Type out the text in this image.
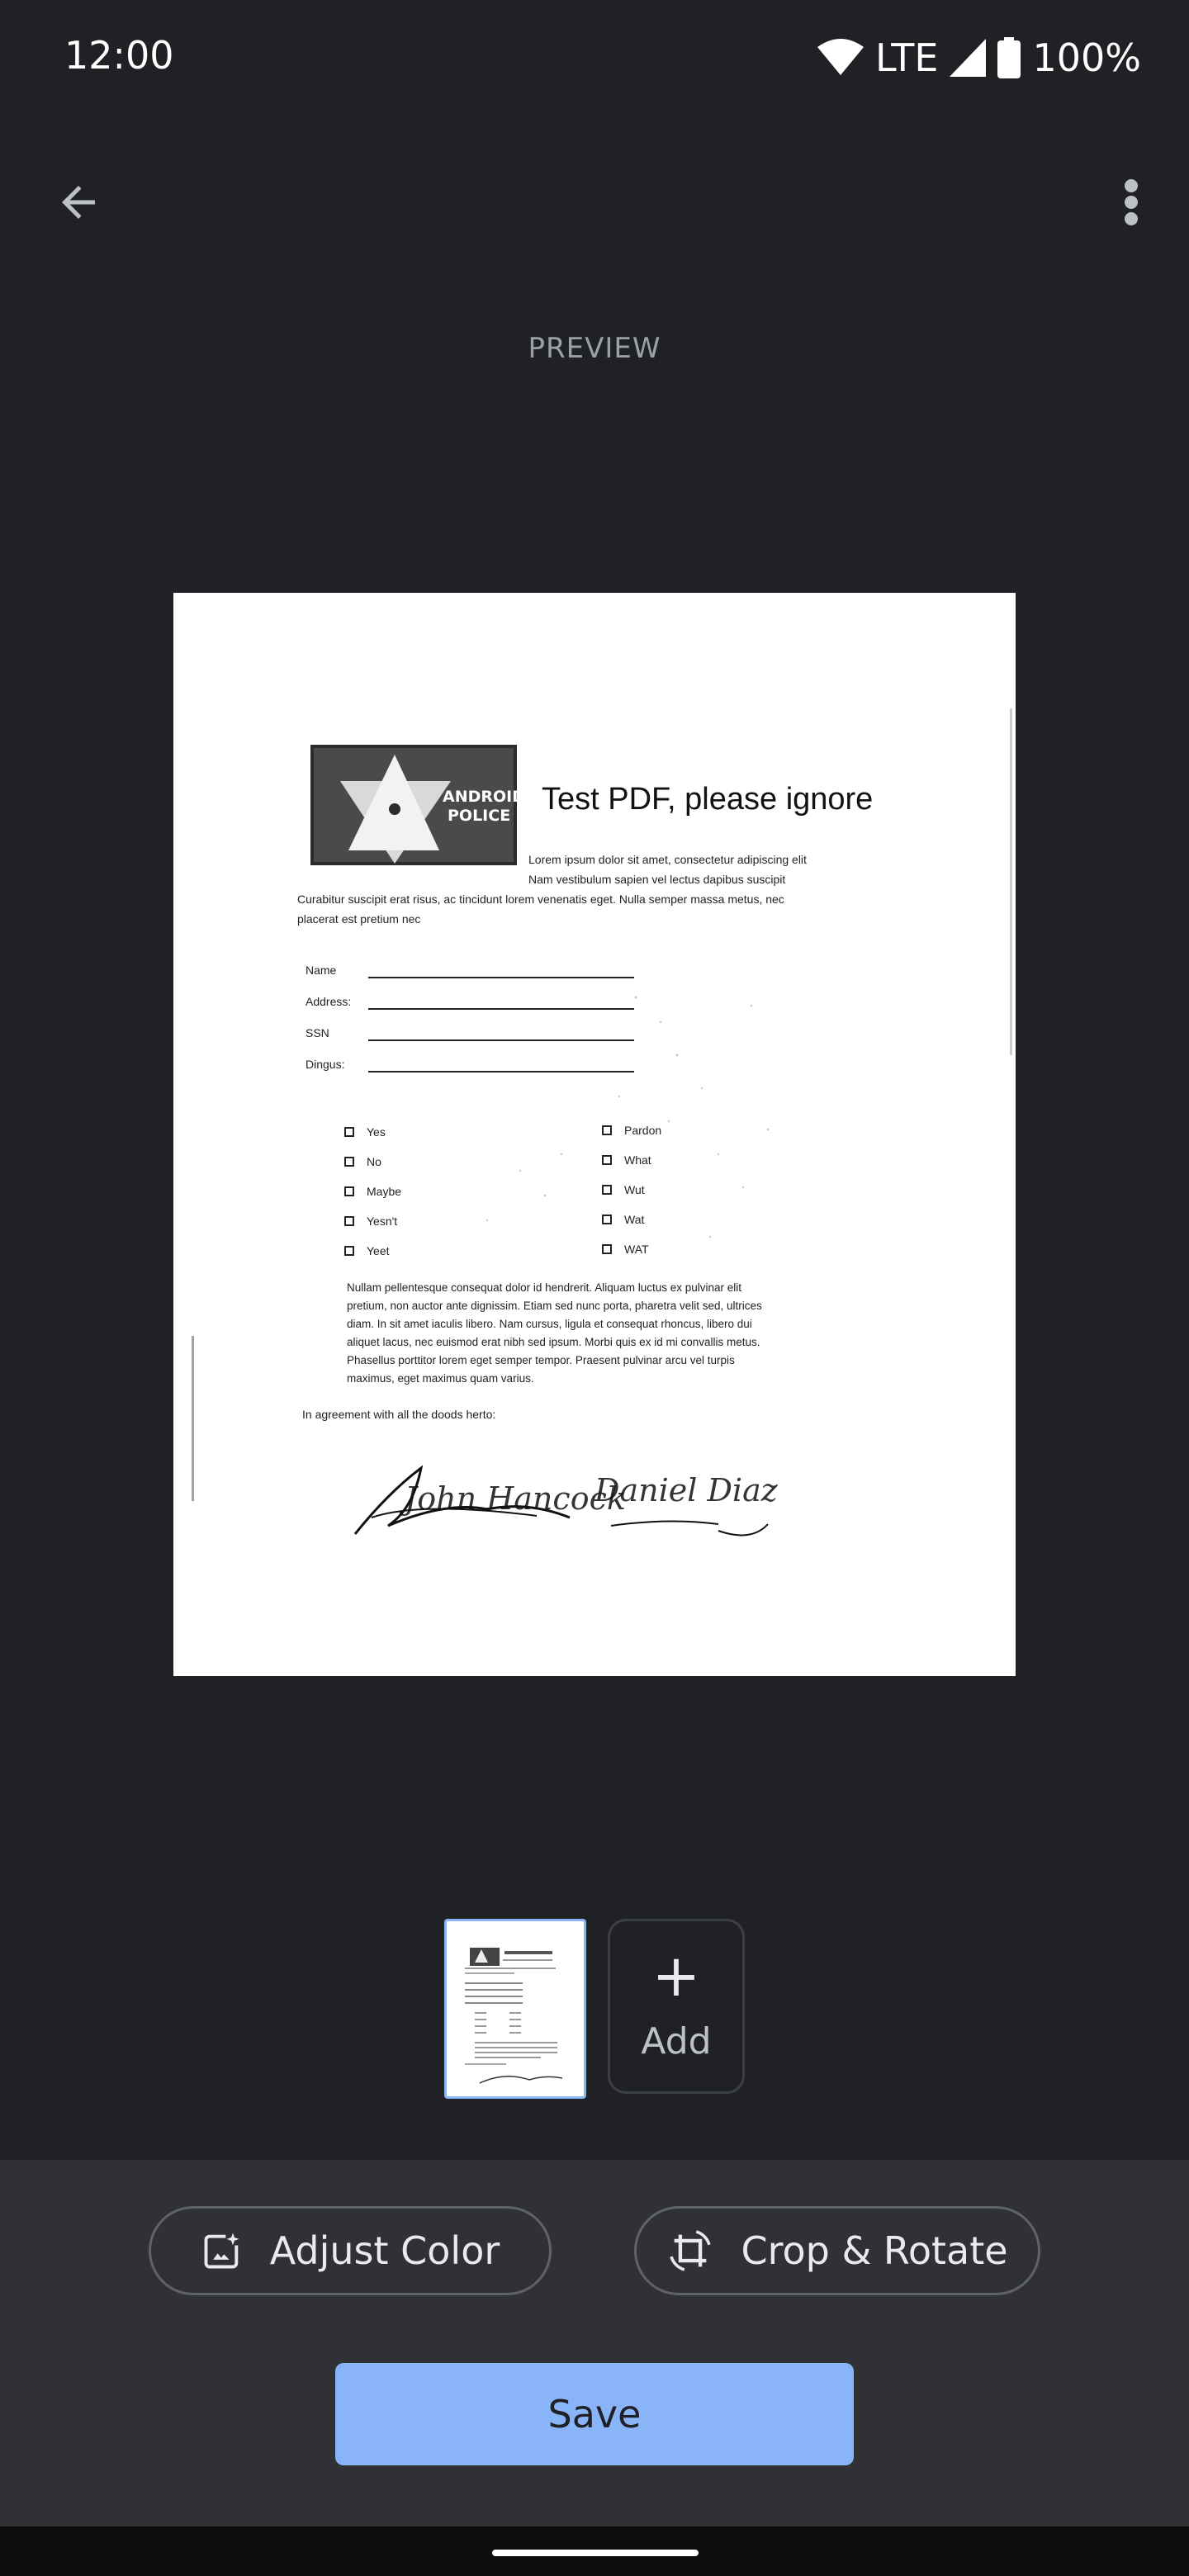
12:00	LTE 100%
PREVIEW
ANDROID
POLICE Test PDF, please ignore
Lorem ipsum dolor sit amet, consectetur adipiscing elit
Nam vestibulum sapien vel lectus dapibus suscipit
Curabitur suscipit erat risus, ac tincidunt lorem venenatis eget. Nulla semper massa metus, nec
placerat est pretium nec
Name
Address:
SSN
Dingus:
Yes
No
Maybe
Yesn't
Yeet
Pardon
What
Wut
Wat
WAT
Nullam pellentesque consequat dolor id hendrerit. Aliquam luctus ex pulvinar elit
pretium, non auctor ante dignissim. Etiam sed nunc porta, pharetra velit sed, ultrices
diam. In sit amet iaculis libero. Nam cursus, ligula et consequat rhoncus, libero dui
aliquet lacus, nec euismod erat nibh sed ipsum. Morbi quis ex id mi convallis metus.
Phasellus porttitor lorem eget semper tempor. Praesent pulvinar arcu vel turpis
maximus, eget maximus quam varius.
In agreement with all the doods herto:
John Hancock
Daniel Diaz
+
Add
Adjust Color	Crop & Rotate
Save
